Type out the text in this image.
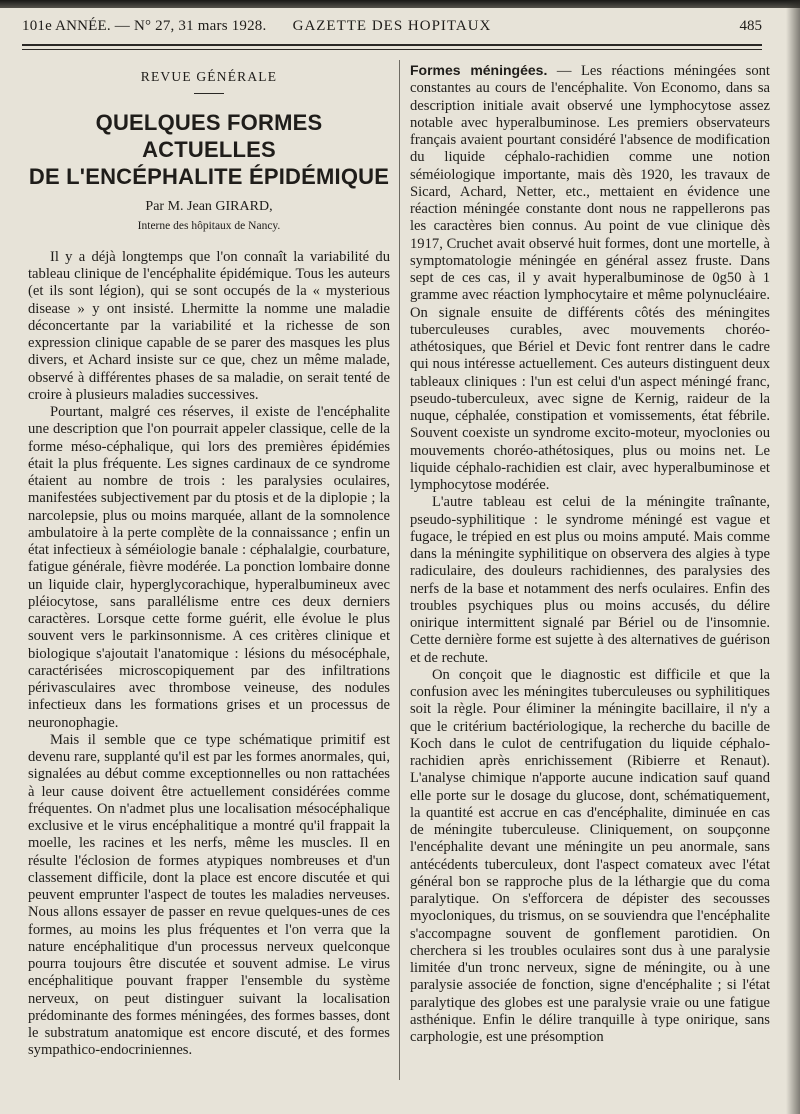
101e ANNÉE. — N° 27, 31 mars 1928.	GAZETTE DES HOPITAUX	485
REVUE GÉNÉRALE
QUELQUES FORMES ACTUELLES
DE L'ENCÉPHALITE ÉPIDÉMIQUE
Par M. Jean GIRARD,
Interne des hôpitaux de Nancy.

Il y a déjà longtemps que l'on connaît la variabilité du tableau clinique de l'encéphalite épidémique. Tous les auteurs (et ils sont légion), qui se sont occupés de la « mysterious disease » y ont insisté. Lhermitte la nomme une maladie déconcertante par la variabilité et la richesse de son expression clinique capable de se parer des masques les plus divers, et Achard insiste sur ce que, chez un même malade, observé à différentes phases de sa maladie, on serait tenté de croire à plusieurs maladies successives.

Pourtant, malgré ces réserves, il existe de l'encéphalite une description que l'on pourrait appeler classique, celle de la forme méso-céphalique, qui lors des premières épidémies était la plus fréquente. Les signes cardinaux de ce syndrome étaient au nombre de trois : les paralysies oculaires, manifestées subjectivement par du ptosis et de la diplopie ; la narcolepsie, plus ou moins marquée, allant de la somnolence ambulatoire à la perte complète de la connaissance ; enfin un état infectieux à séméiologie banale : céphalalgie, courbature, fatigue générale, fièvre modérée. La ponction lombaire donne un liquide clair, hyperglycorachique, hyperalbumineux avec pléiocytose, sans parallélisme entre ces deux derniers caractères. Lorsque cette forme guérit, elle évolue le plus souvent vers le parkinsonnisme. A ces critères clinique et biologique s'ajoutait l'anatomique : lésions du mésocéphale, caractérisées microscopiquement par des infiltrations périvasculaires avec thrombose veineuse, des nodules infectieux dans les formations grises et un processus de neuronophagie.

Mais il semble que ce type schématique primitif est devenu rare, supplanté qu'il est par les formes anormales, qui, signalées au début comme exceptionnelles ou non rattachées à leur cause doivent être actuellement considérées comme fréquentes. On n'admet plus une localisation mésocéphalique exclusive et le virus encéphalitique a montré qu'il frappait la moelle, les racines et les nerfs, même les muscles. Il en résulte l'éclosion de formes atypiques nombreuses et d'un classement difficile, dont la place est encore discutée et qui peuvent emprunter l'aspect de toutes les maladies nerveuses. Nous allons essayer de passer en revue quelques-unes de ces formes, au moins les plus fréquentes et l'on verra que la nature encéphalitique d'un processus nerveux quelconque pourra toujours être discutée et souvent admise. Le virus encéphalitique pouvant frapper l'ensemble du système nerveux, on peut distinguer suivant la localisation prédominante des formes méningées, des formes basses, dont le substratum anatomique est encore discuté, et des formes sympathico-endocriniennes.

Formes méningées. — Les réactions méningées sont constantes au cours de l'encéphalite. Von Economo, dans sa description initiale avait observé une lymphocytose assez notable avec hyperalbuminose. Les premiers observateurs français avaient pourtant considéré l'absence de modification du liquide céphalo-rachidien comme une notion séméiologique importante, mais dès 1920, les travaux de Sicard, Achard, Netter, etc., mettaient en évidence une réaction méningée constante dont nous ne rappellerons pas les caractères bien connus. Au point de vue clinique dès 1917, Cruchet avait observé huit formes, dont une mortelle, à symptomatologie méningée en général assez fruste. Dans sept de ces cas, il y avait hyperalbuminose de 0g50 à 1 gramme avec réaction lymphocytaire et même polynucléaire. On signale ensuite de différents côtés des méningites tuberculeuses curables, avec mouvements choréo-athétosiques, que Bériel et Devic font rentrer dans le cadre qui nous intéresse actuellement. Ces auteurs distinguent deux tableaux cliniques : l'un est celui d'un aspect méningé franc, pseudo-tuberculeux, avec signe de Kernig, raideur de la nuque, céphalée, constipation et vomissements, état fébrile. Souvent coexiste un syndrome excito-moteur, myoclonies ou mouvements choréo-athétosiques, plus ou moins net. Le liquide céphalo-rachidien est clair, avec hyperalbuminose et lymphocytose modérée.

L'autre tableau est celui de la méningite traînante, pseudo-syphilitique : le syndrome méningé est vague et fugace, le trépied en est plus ou moins amputé. Mais comme dans la méningite syphilitique on observera des algies à type radiculaire, des douleurs rachidiennes, des paralysies des nerfs de la base et notamment des nerfs oculaires. Enfin des troubles psychiques plus ou moins accusés, du délire onirique intermittent signalé par Bériel ou de l'insomnie. Cette dernière forme est sujette à des alternatives de guérison et de rechute.

On conçoit que le diagnostic est difficile et que la confusion avec les méningites tuberculeuses ou syphilitiques soit la règle. Pour éliminer la méningite bacillaire, il n'y a que le critérium bactériologique, la recherche du bacille de Koch dans le culot de centrifugation du liquide céphalo-rachidien après enrichissement (Ribierre et Renaut). L'analyse chimique n'apporte aucune indication sauf quand elle porte sur le dosage du glucose, dont, schématiquement, la quantité est accrue en cas d'encéphalite, diminuée en cas de méningite tuberculeuse. Cliniquement, on soupçonne l'encéphalite devant une méningite un peu anormale, sans antécédents tuberculeux, dont l'aspect comateux avec l'état général bon se rapproche plus de la léthargie que du coma paralytique. On s'efforcera de dépister des secousses myocloniques, du trismus, on se souviendra que l'encéphalite s'accompagne souvent de gonflement parotidien. On cherchera si les troubles oculaires sont dus à une paralysie limitée d'un tronc nerveux, signe de méningite, ou à une paralysie associée de fonction, signe d'encéphalite ; si l'état paralytique des globes est une paralysie vraie ou une fatigue asthénique. Enfin le délire tranquille à type onirique, sans carphologie, est une présomption
